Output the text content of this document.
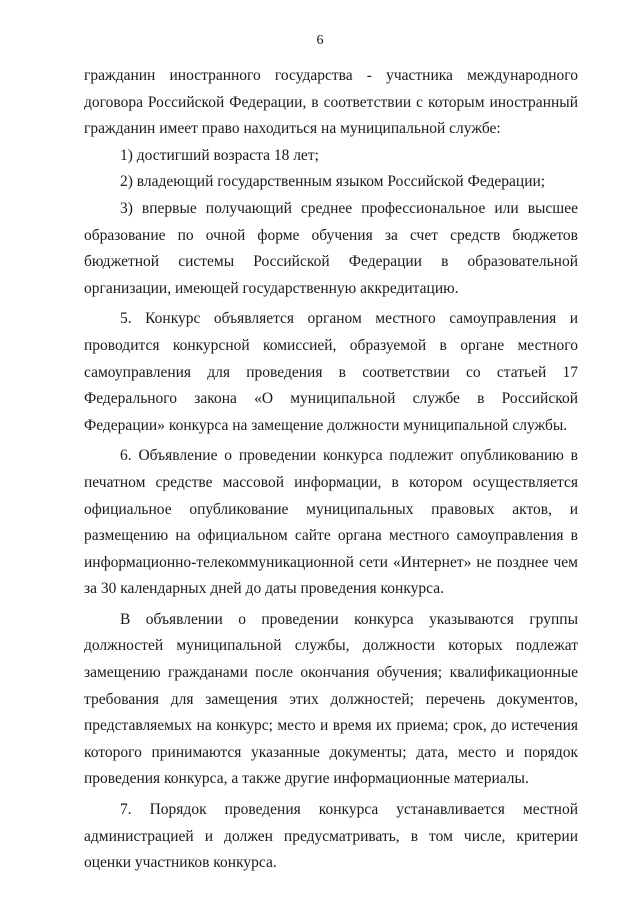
6

гражданин иностранного государства - участника международного договора Российской Федерации, в соответствии с которым иностранный гражданин имеет право находиться на муниципальной службе:

1) достигший возраста 18 лет;

2) владеющий государственным языком Российской Федерации;

3) впервые получающий среднее профессиональное или высшее образование по очной форме обучения за счет средств бюджетов бюджетной системы Российской Федерации в образовательной организации, имеющей государственную аккредитацию.

5. Конкурс объявляется органом местного самоуправления и проводится конкурсной комиссией, образуемой в органе местного самоуправления для проведения в соответствии со статьей 17 Федерального закона «О муниципальной службе в Российской Федерации» конкурса на замещение должности муниципальной службы.

6. Объявление о проведении конкурса подлежит опубликованию в печатном средстве массовой информации, в котором осуществляется официальное опубликование муниципальных правовых актов, и размещению на официальном сайте органа местного самоуправления в информационно-телекоммуникационной сети «Интернет» не позднее чем за 30 календарных дней до даты проведения конкурса.

В объявлении о проведении конкурса указываются группы должностей муниципальной службы, должности которых подлежат замещению гражданами после окончания обучения; квалификационные требования для замещения этих должностей; перечень документов, представляемых на конкурс; место и время их приема; срок, до истечения которого принимаются указанные документы; дата, место и порядок проведения конкурса, а также другие информационные материалы.

7. Порядок проведения конкурса устанавливается местной администрацией и должен предусматривать, в том числе, критерии оценки участников конкурса.
